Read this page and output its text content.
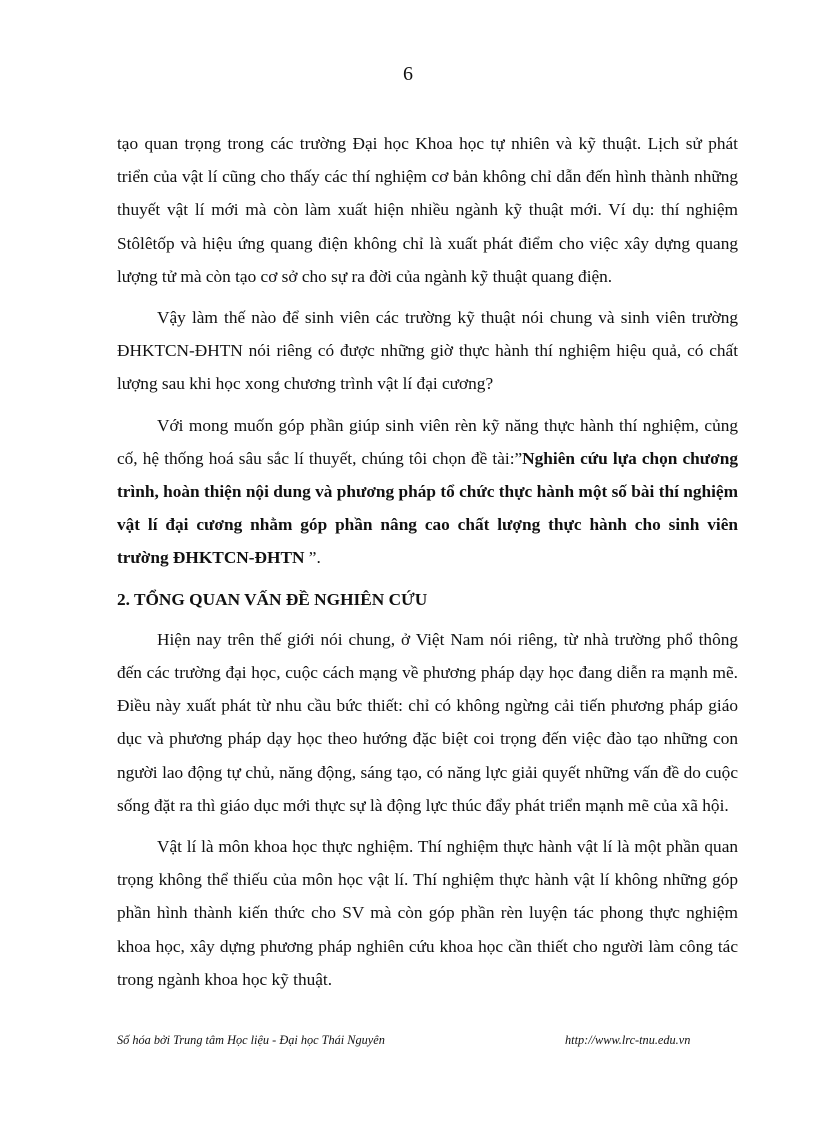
6

tạo quan trọng trong các trường Đại học Khoa học tự nhiên và kỹ thuật. Lịch sử phát triển của vật lí cũng cho thấy các thí nghiệm cơ bản không chỉ dẫn đến hình thành những thuyết vật lí mới mà còn làm xuất hiện nhiều ngành kỹ thuật mới. Ví dụ: thí nghiệm Stôlêtốp và hiệu ứng quang điện không chỉ là xuất phát điểm cho việc xây dựng quang lượng tử mà còn tạo cơ sở cho sự ra đời của ngành kỹ thuật quang điện.

Vậy làm thế nào để sinh viên các trường kỹ thuật nói chung và sinh viên trường ĐHKTCN-ĐHTN nói riêng có được những giờ thực hành thí nghiệm hiệu quả, có chất lượng sau khi học xong chương trình vật lí đại cương?

Với mong muốn góp phần giúp sinh viên rèn kỹ năng thực hành thí nghiệm, củng cố, hệ thống hoá sâu sắc lí thuyết, chúng tôi chọn đề tài:”Nghiên cứu lựa chọn chương trình, hoàn thiện nội dung và phương pháp tổ chức thực hành một số bài thí nghiệm vật lí đại cương nhằm góp phần nâng cao chất lượng thực hành cho sinh viên trường ĐHKTCN-ĐHTN ”.

2. TỔNG QUAN VẤN ĐỀ NGHIÊN CỨU

Hiện nay trên thế giới nói chung, ở Việt Nam nói riêng, từ nhà trường phổ thông đến các trường đại học, cuộc cách mạng về phương pháp dạy học đang diễn ra mạnh mẽ. Điều này xuất phát từ nhu cầu bức thiết: chỉ có không ngừng cải tiến phương pháp giáo dục và phương pháp dạy học theo hướng đặc biệt coi trọng đến việc đào tạo những con người lao động tự chủ, năng động, sáng tạo, có năng lực giải quyết những vấn đề do cuộc sống đặt ra thì giáo dục mới thực sự là động lực thúc đẩy phát triển mạnh mẽ của xã hội.

Vật lí là môn khoa học thực nghiệm. Thí nghiệm thực hành vật lí là một phần quan trọng không thể thiếu của môn học vật lí. Thí nghiệm thực hành vật lí không những góp phần hình thành kiến thức cho SV mà còn góp phần rèn luyện tác phong thực nghiệm khoa học, xây dựng phương pháp nghiên cứu khoa học cần thiết cho người làm công tác trong ngành khoa học kỹ thuật.

Số hóa bởi Trung tâm Học liệu - Đại học Thái Nguyên	http://www.lrc-tnu.edu.vn
